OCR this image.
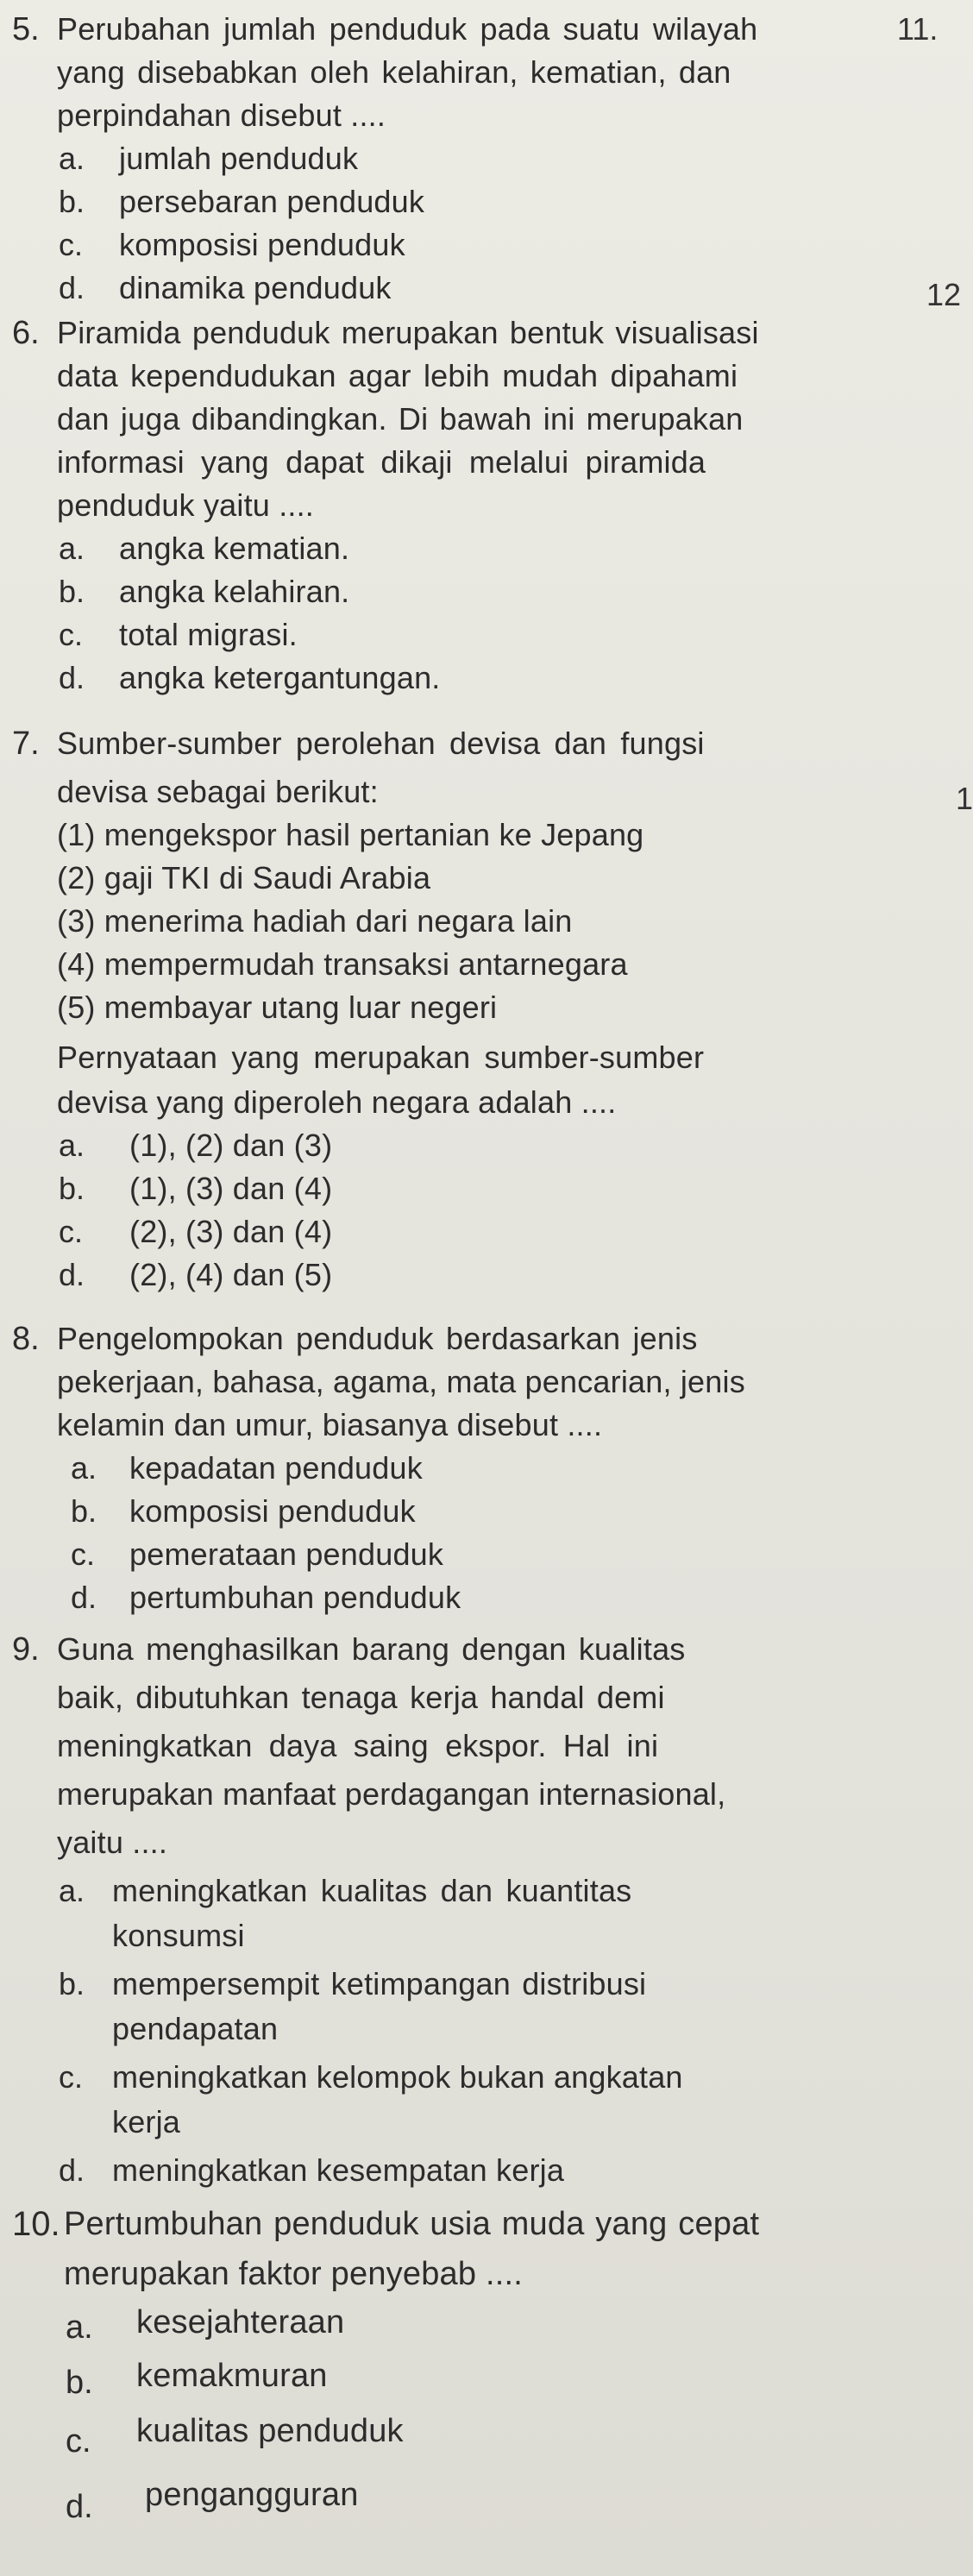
11.
12
1
5. Perubahan jumlah penduduk pada suatu wilayah
yang disebabkan oleh kelahiran, kematian, dan
perpindahan disebut ....
a. jumlah penduduk
b. persebaran penduduk
c. komposisi penduduk
d. dinamika penduduk
6. Piramida penduduk merupakan bentuk visualisasi
data kependudukan agar lebih mudah dipahami
dan juga dibandingkan. Di bawah ini merupakan
informasi yang dapat dikaji melalui piramida
penduduk yaitu ....
a. angka kematian.
b. angka kelahiran.
c. total migrasi.
d. angka ketergantungan.
7. Sumber-sumber perolehan devisa dan fungsi
devisa sebagai berikut:
(1) mengekspor hasil pertanian ke Jepang
(2) gaji TKI di Saudi Arabia
(3) menerima hadiah dari negara lain
(4) mempermudah transaksi antarnegara
(5) membayar utang luar negeri
Pernyataan yang merupakan sumber-sumber
devisa yang diperoleh negara adalah ....
a. (1), (2) dan (3)
b. (1), (3) dan (4)
c. (2), (3) dan (4)
d. (2), (4) dan (5)
8. Pengelompokan penduduk berdasarkan jenis
pekerjaan, bahasa, agama, mata pencarian, jenis
kelamin dan umur, biasanya disebut ....
a. kepadatan penduduk
b. komposisi penduduk
c. pemerataan penduduk
d. pertumbuhan penduduk
9. Guna menghasilkan barang dengan kualitas
baik, dibutuhkan tenaga kerja handal demi
meningkatkan daya saing ekspor. Hal ini
merupakan manfaat perdagangan internasional,
yaitu ....
a. meningkatkan kualitas dan kuantitas
konsumsi
b. mempersempit ketimpangan distribusi
pendapatan
c. meningkatkan kelompok bukan angkatan
kerja
d. meningkatkan kesempatan kerja
10. Pertumbuhan penduduk usia muda yang cepat
merupakan faktor penyebab ....
a. kesejahteraan
b. kemakmuran
c. kualitas penduduk
d. pengangguran
